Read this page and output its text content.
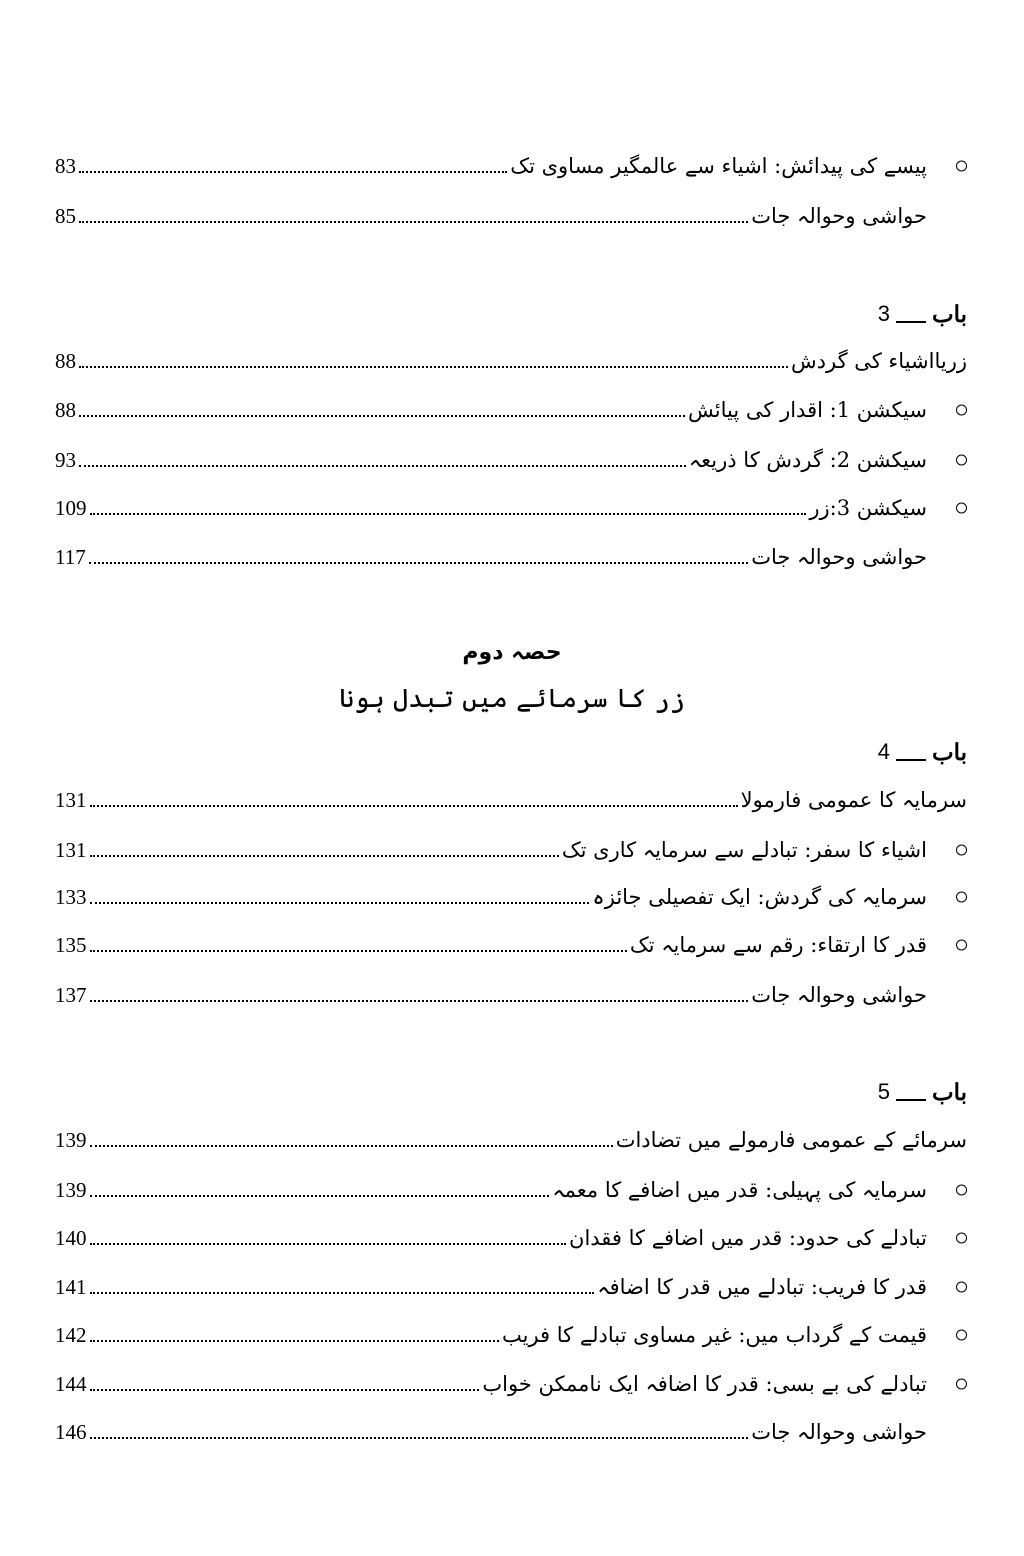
پیسے کی پیدائش: اشیاء سے عالمگیر مساوی تک
83
حواشی وحوالہ جات
85
باب
3
زریااشیاء کی گردش
88
سیکشن 1: اقدار کی پیائش
88
سیکشن 2: گردش کا ذریعہ
93
سیکشن 3:زر
109
حواشی وحوالہ جات
117
حصہ دوم
زر کا سرمائے میں تبدل ہونا
باب
4
سرمایہ کا عمومی فارمولا
131
اشیاء کا سفر: تبادلے سے سرمایہ کاری تک
131
سرمایہ کی گردش: ایک تفصیلی جائزہ
133
قدر کا ارتقاء: رقم سے سرمایہ تک
135
حواشی وحوالہ جات
137
باب
5
سرمائے کے عمومی فارمولے میں تضادات
139
سرمایہ کی پہیلی: قدر میں اضافے کا معمہ
139
تبادلے کی حدود: قدر میں اضافے کا فقدان
140
قدر کا فریب: تبادلے میں قدر کا اضافہ
141
قیمت کے گرداب میں: غیر مساوی تبادلے کا فریب
142
تبادلے کی بے بسی: قدر کا اضافہ ایک ناممکن خواب
144
حواشی وحوالہ جات
146
